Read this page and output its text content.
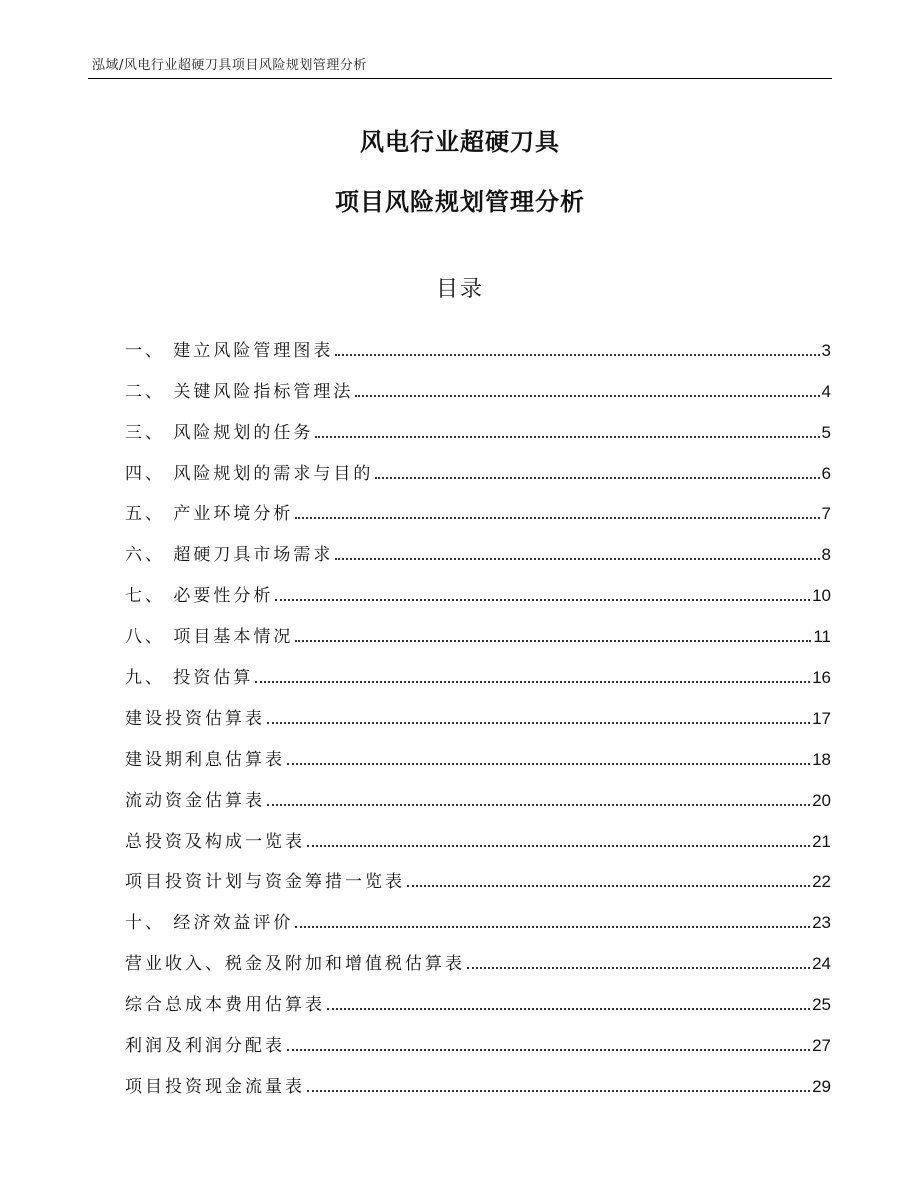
泓域/风电行业超硬刀具项目风险规划管理分析
风电行业超硬刀具
项目风险规划管理分析
目录
一、 建立风险管理图表	3
二、 关键风险指标管理法	4
三、 风险规划的任务	5
四、 风险规划的需求与目的	6
五、 产业环境分析	7
六、 超硬刀具市场需求	8
七、 必要性分析	10
八、 项目基本情况	11
九、 投资估算	16
建设投资估算表	17
建设期利息估算表	18
流动资金估算表	20
总投资及构成一览表	21
项目投资计划与资金筹措一览表	22
十、 经济效益评价	23
营业收入、税金及附加和增值税估算表	24
综合总成本费用估算表	25
利润及利润分配表	27
项目投资现金流量表	29
